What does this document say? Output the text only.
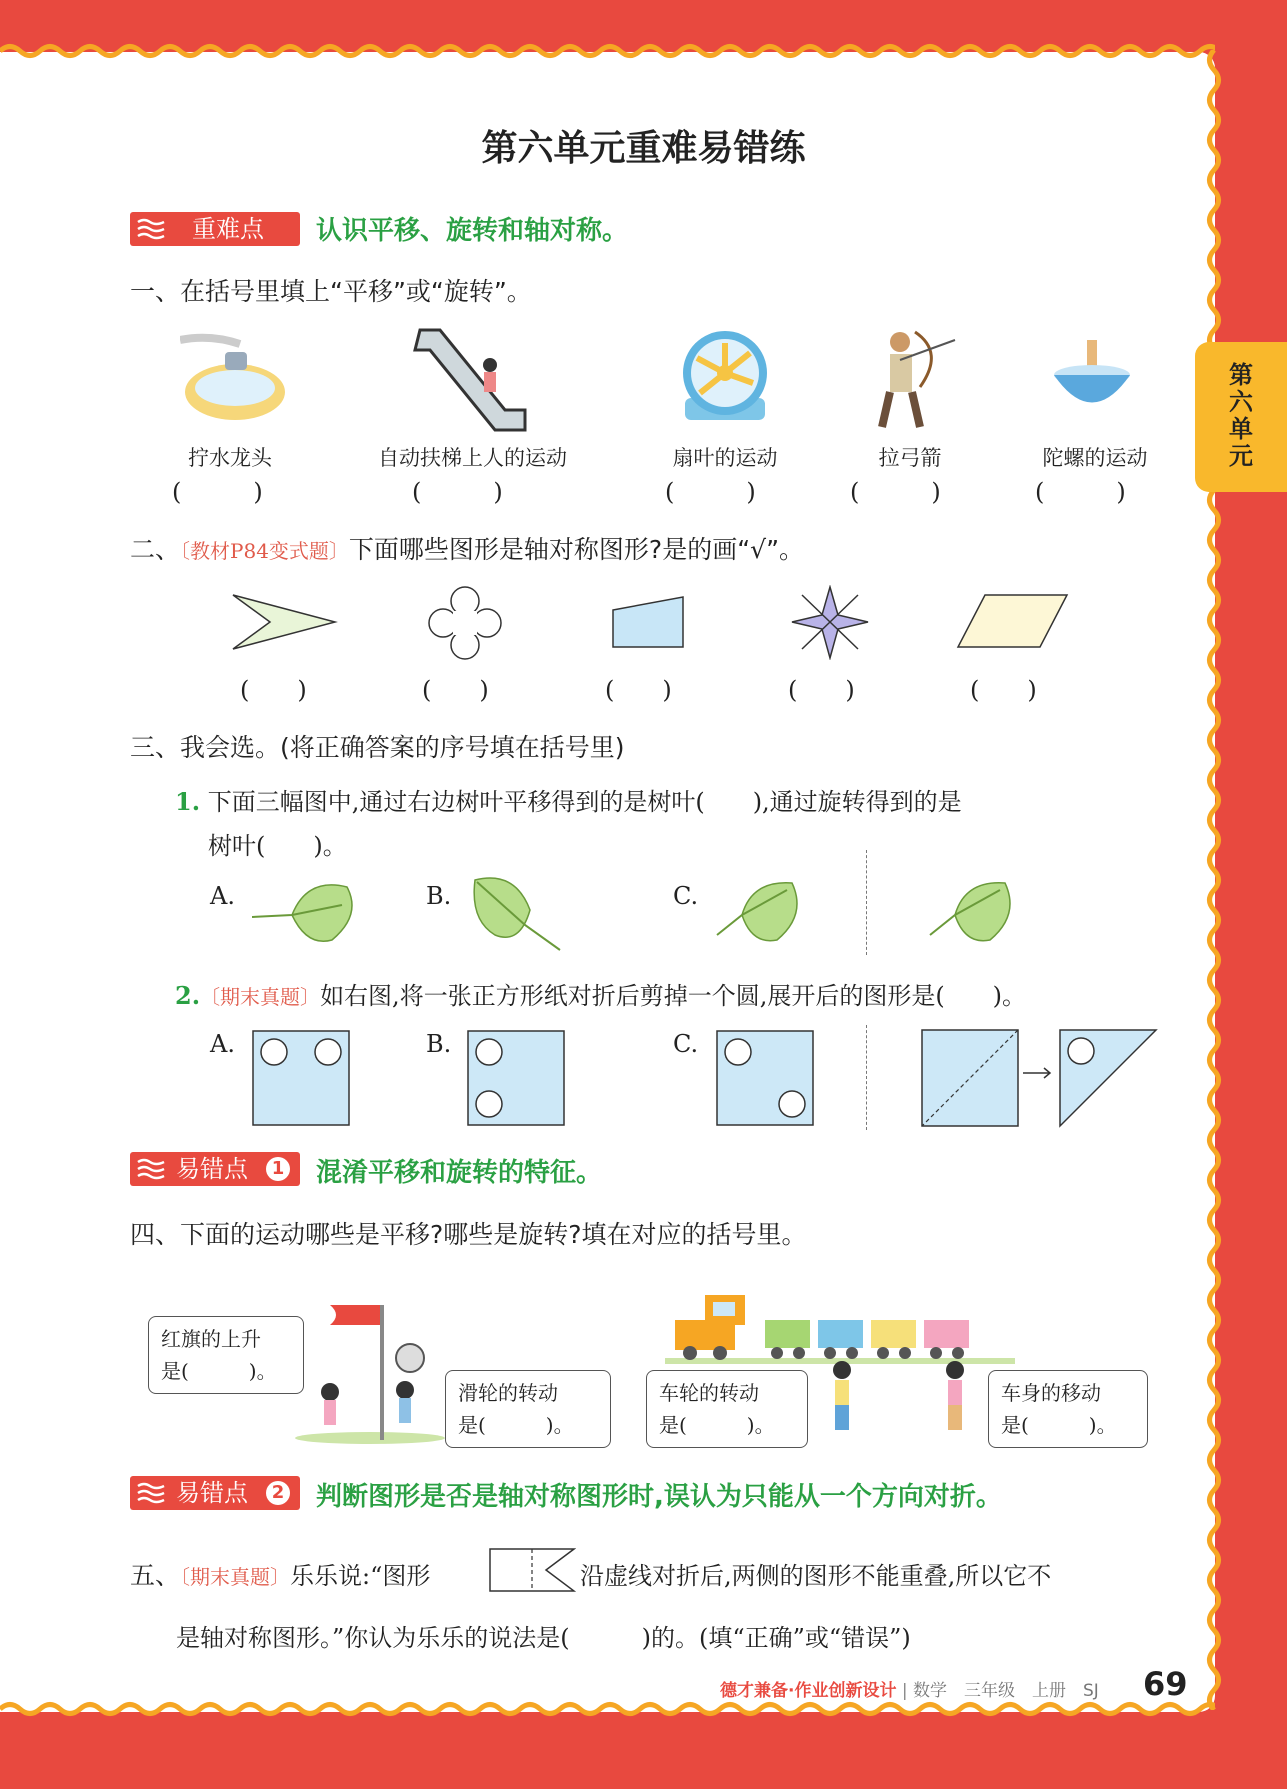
第六单元
第六单元重难易错练
重难点 认识平移、旋转和轴对称。
一、在括号里填上“平移”或“旋转”。
拧水龙头	自动扶梯上人的运动	扇叶的运动	拉弓箭	陀螺的运动
(　　　)	(　　　)	(　　　)	(　　　)	(　　　)
二、〔教材P84变式题〕下面哪些图形是轴对称图形?是的画“√”。
(　　)	(　　)	(　　)	(　　)	(　　)
三、我会选。(将正确答案的序号填在括号里)
1. 下面三幅图中,通过右边树叶平移得到的是树叶(　　),通过旋转得到的是
树叶(　　)。
A.	B.	C.
2.〔期末真题〕如右图,将一张正方形纸对折后剪掉一个圆,展开后的图形是(　　)。
A.	B.	C.
易错点	1 混淆平移和旋转的特征。
四、下面的运动哪些是平移?哪些是旋转?填在对应的括号里。
红旗的上升
是(　　　)。
滑轮的转动
是(　　　)。
车轮的转动
是(　　　)。
车身的移动
是(　　　)。
易错点	2 判断图形是否是轴对称图形时,误认为只能从一个方向对折。
五、〔期末真题〕乐乐说:“图形	沿虚线对折后,两侧的图形不能重叠,所以它不
是轴对称图形。”你认为乐乐的说法是(　　　)的。(填“正确”或“错误”)
德才兼备·作业创新设计 | 数学　三年级　上册　SJ 69
